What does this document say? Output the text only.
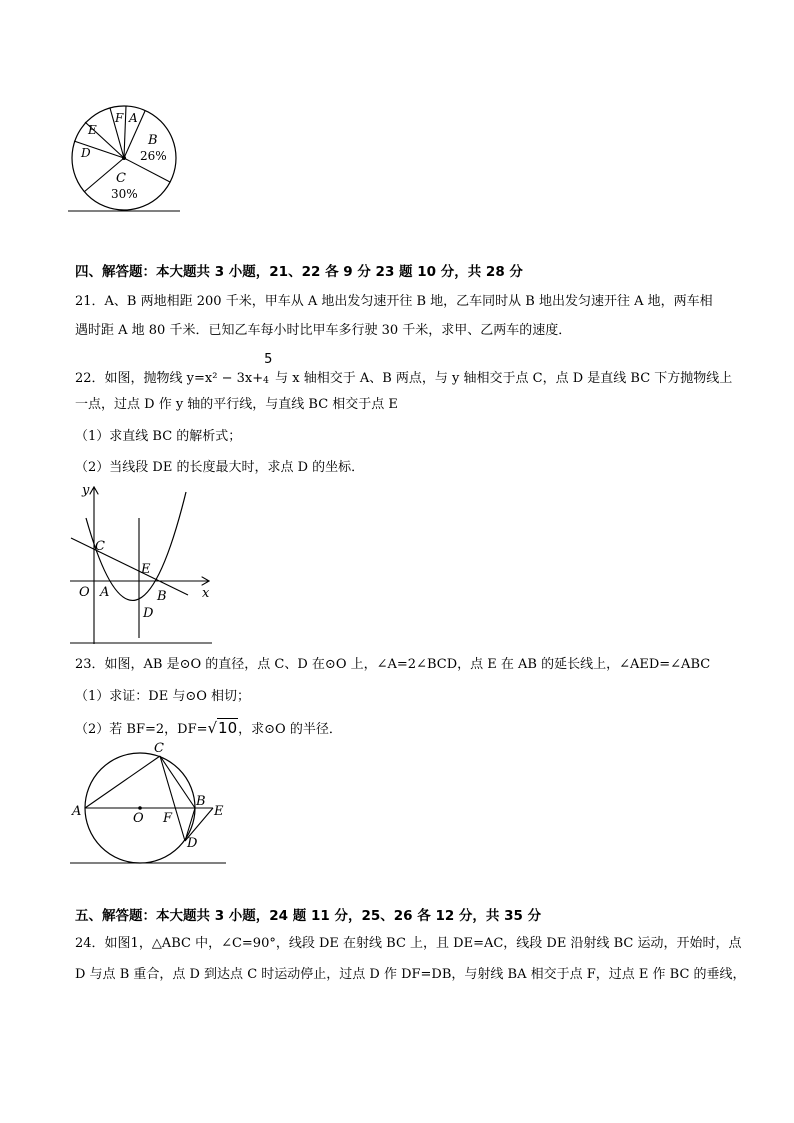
F A
B
26%
E
D
C
30%
四、解答题：本大题共 3 小题，21、22 各 9 分 23 题 10 分，共 28 分
21．A、B 两地相距 200 千米，甲车从 A 地出发匀速开往 B 地，乙车同时从 B 地出发匀速开往 A 地，两车相
遇时距 A 地 80 千米．已知乙车每小时比甲车多行驶 30 千米，求甲、乙两车的速度．
22．如图，抛物线 y=x² − 3x+
5
4 与 x 轴相交于 A、B 两点，与 y 轴相交于点 C，点 D 是直线 BC 下方抛物线上
一点，过点 D 作 y 轴的平行线，与直线 BC 相交于点 E
（1）求直线 BC 的解析式；
（2）当线段 DE 的长度最大时，求点 D 的坐标．
y
x
O A	B
C
E
D
23．如图，AB 是⊙O 的直径，点 C、D 在⊙O 上，∠A=2∠BCD，点 E 在 AB 的延长线上，∠AED=∠ABC
（1）求证：DE 与⊙O 相切；
（2）若 BF=2，DF=√10，求⊙O 的半径．
A
C
B
E
O F
D
五、解答题：本大题共 3 小题，24 题 11 分，25、26 各 12 分，共 35 分
24．如图1，△ABC 中，∠C=90°，线段 DE 在射线 BC 上，且 DE=AC，线段 DE 沿射线 BC 运动，开始时，点
D 与点 B 重合，点 D 到达点 C 时运动停止，过点 D 作 DF=DB，与射线 BA 相交于点 F，过点 E 作 BC 的垂线，
